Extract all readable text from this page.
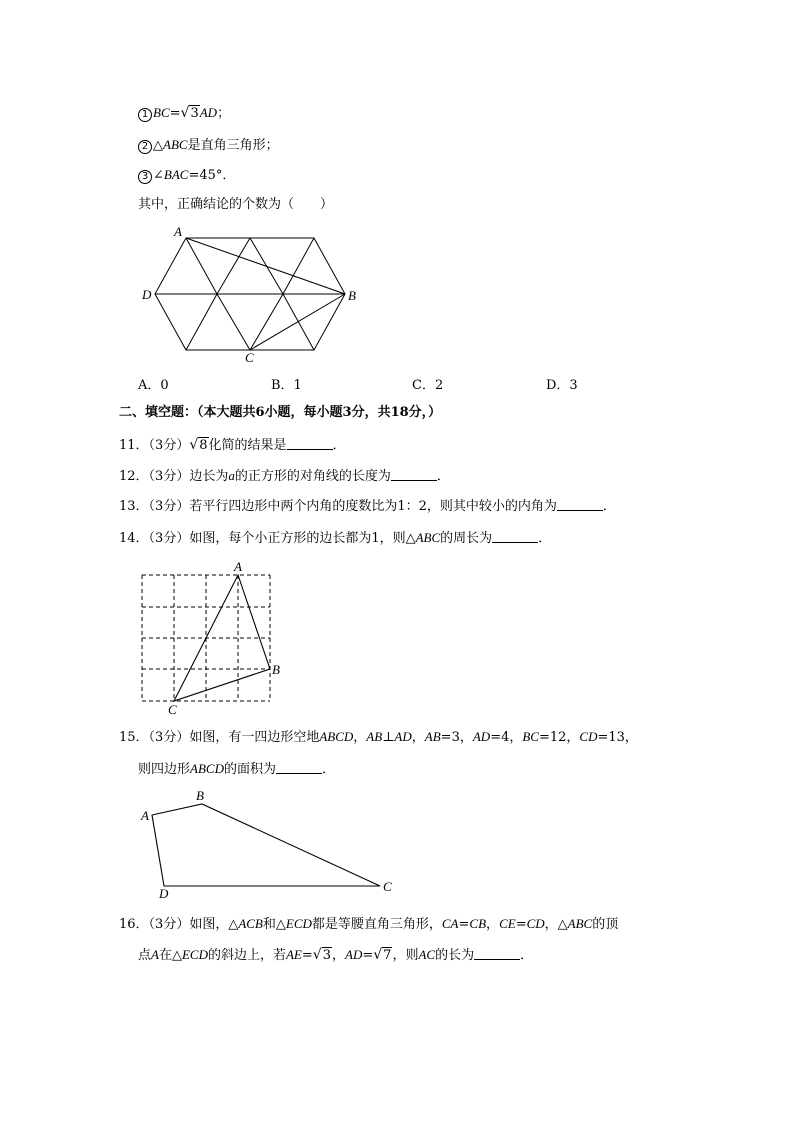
1 BC=√3AD；
2 △ABC是直角三角形；
3 ∠BAC=45°．
其中，正确结论的个数为（　　）
A
B
C
D
A．0	B．1	C．2	D．3
二、填空题：（本大题共6小题，每小题3分，共18分，）
11．（3分）√8化简的结果是	．
12．（3分）边长为a的正方形的对角线的长度为	．
13．（3分）若平行四边形中两个内角的度数比为1：2，则其中较小的内角为	．
14．（3分）如图，每个小正方形的边长都为1，则△ABC的周长为	．
A
B
C
15．（3分）如图，有一四边形空地ABCD，AB⊥AD，AB=3，AD=4，BC=12，CD=13，
则四边形ABCD的面积为	．
A
B
C
D
16．（3分）如图，△ACB和△ECD都是等腰直角三角形，CA=CB，CE=CD，△ABC的顶
点A在△ECD的斜边上，若AE=√3，AD=√7，则AC的长为	．
